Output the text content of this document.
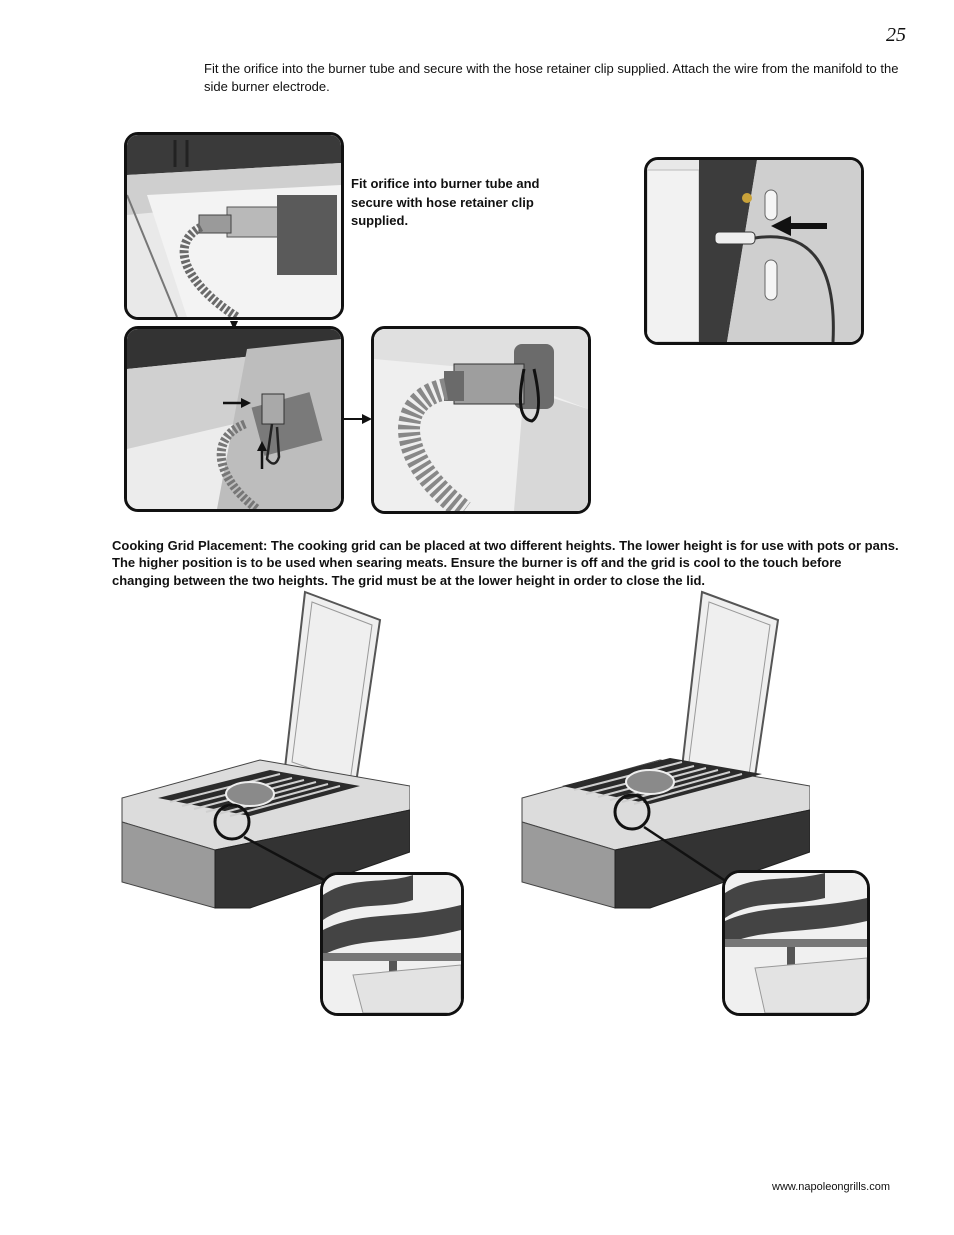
25
Fit the orifice into the burner tube and secure with the hose retainer clip supplied. Attach the wire from the manifold to the side burner electrode.
Fit orifice into burner tube and secure with hose retainer clip supplied.
Cooking Grid Placement: The cooking grid can be placed at two different heights. The lower height is for use with pots or pans. The higher position is to be used when searing meats. Ensure the burner is off and the grid is cool to the touch before changing between the two heights. The grid must be at the lower height in order to close the lid.
www.napoleongrills.com
